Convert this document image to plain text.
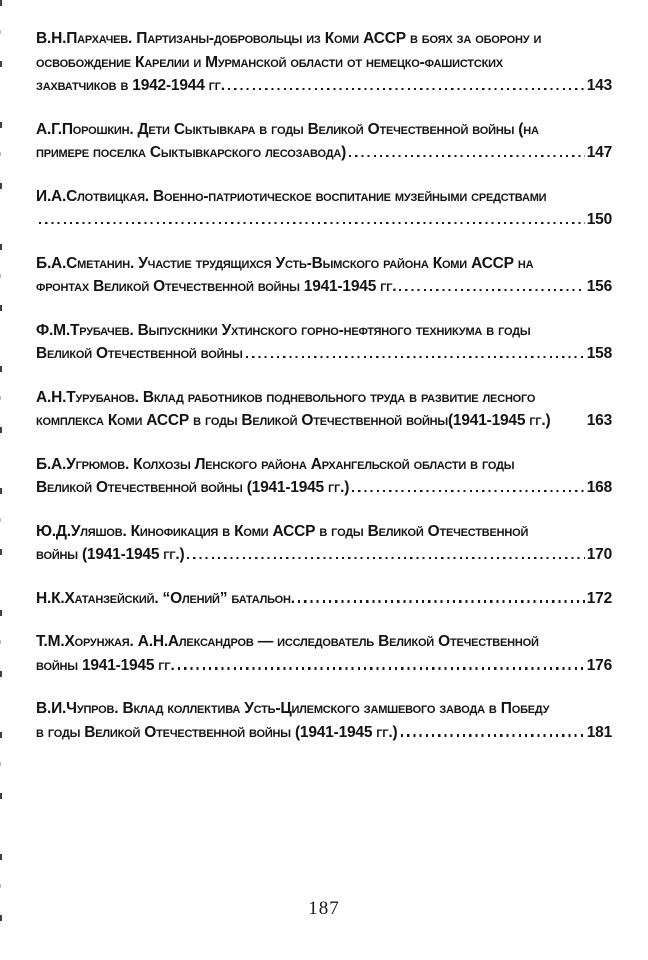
В.Н.Пархачев. Партизаны-добровольцы из Коми АССР в боях за оборону и
освобождение Карелии и Мурманской области от немецко-фашистских
захватчиков в 1942-1944 гг.	143
А.Г.Порошкин. Дети Сыктывкара в годы Великой Отечественной войны (на
примере поселка Сыктывкарского лесозавода)	147
И.А.Слотвицкая. Военно-патриотическое воспитание музейными средствами
150
Б.А.Сметанин. Участие трудящихся Усть-Вымского района Коми АССР на
фронтах Великой Отечественной войны 1941-1945 гг.	156
Ф.М.Трубачев. Выпускники Ухтинского горно-нефтяного техникума в годы
Великой Отечественной войны	158
А.Н.Турубанов. Вклад работников подневольного труда в развитие лесного
комплекса Коми АССР в годы Великой Отечественной войны(1941-1945 гг.) 163
Б.А.Угрюмов. Колхозы Ленского района Архангельской области в годы
Великой Отечественной войны (1941-1945 гг.)	168
Ю.Д.Уляшов. Кинофикация в Коми АССР в годы Великой Отечественной
войны (1941-1945 гг.)	170
Н.К.Хатанзейский. “Олений” батальон.	172
Т.М.Хорунжая. А.Н.Александров — исследователь Великой Отечественной
войны 1941-1945 гг.	176
В.И.Чупров. Вклад коллектива Усть-Цилемского замшевого завода в Победу
в годы Великой Отечественной войны (1941-1945 гг.)	181
187
